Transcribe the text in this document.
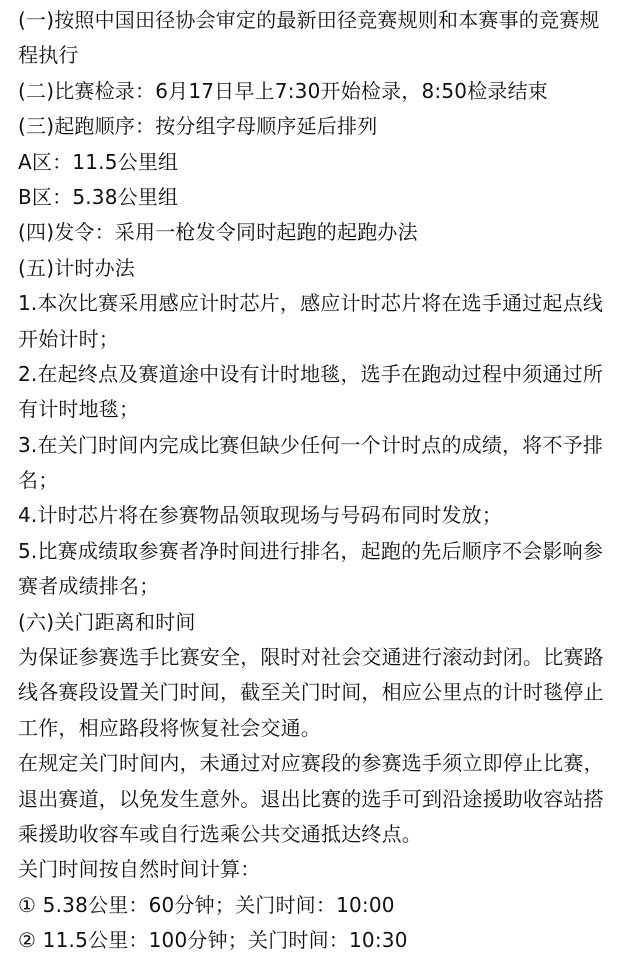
(一)按照中国田径协会审定的最新田径竞赛规则和本赛事的竞赛规
程执行
(二)比赛检录：6月17日早上7:30开始检录，8:50检录结束
(三)起跑顺序：按分组字母顺序延后排列
A区：11.5公里组
B区：5.38公里组
(四)发令：采用一枪发令同时起跑的起跑办法
(五)计时办法
1.本次比赛采用感应计时芯片，感应计时芯片将在选手通过起点线
开始计时；
2.在起终点及赛道途中设有计时地毯，选手在跑动过程中须通过所
有计时地毯；
3.在关门时间内完成比赛但缺少任何一个计时点的成绩，将不予排
名；
4.计时芯片将在参赛物品领取现场与号码布同时发放；
5.比赛成绩取参赛者净时间进行排名，起跑的先后顺序不会影响参
赛者成绩排名；
(六)关门距离和时间
为保证参赛选手比赛安全，限时对社会交通进行滚动封闭。比赛路
线各赛段设置关门时间，截至关门时间，相应公里点的计时毯停止
工作，相应路段将恢复社会交通。
在规定关门时间内，未通过对应赛段的参赛选手须立即停止比赛，
退出赛道，以免发生意外。退出比赛的选手可到沿途援助收容站搭
乘援助收容车或自行选乘公共交通抵达终点。
关门时间按自然时间计算：
① 5.38公里：60分钟；关门时间：10:00
② 11.5公里：100分钟；关门时间：10:30
